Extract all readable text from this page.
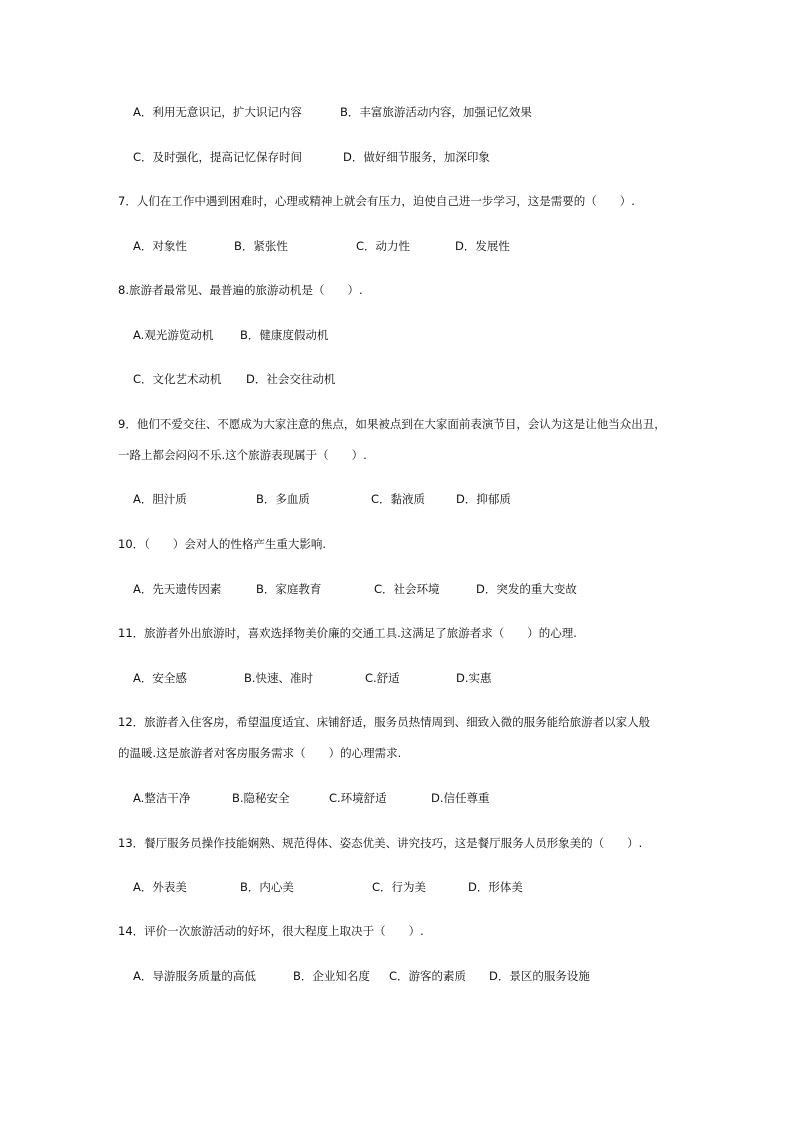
A．利用无意识记，扩大识记内容	B．丰富旅游活动内容，加强记忆效果
C．及时强化，提高记忆保存时间	D．做好细节服务，加深印象
7．人们在工作中遇到困难时，心理或精神上就会有压力，迫使自己进一步学习，这是需要的（　　）.
A．对象性	B．紧张性	C．动力性	D．发展性
8.旅游者最常见、最普遍的旅游动机是（　　）.
A.观光游览动机 B．健康度假动机
C．文化艺术动机 D．社会交往动机
9．他们不爱交往、不愿成为大家注意的焦点，如果被点到在大家面前表演节目，会认为这是让他当众出丑，
一路上都会闷闷不乐.这个旅游表现属于（　　）.
A．胆汁质	B．多血质	C．黏液质	D．抑郁质
10．（　　）会对人的性格产生重大影响.
A．先天遗传因素	B．家庭教育	C．社会环境	D．突发的重大变故
11．旅游者外出旅游时，喜欢选择物美价廉的交通工具.这满足了旅游者求（　　）的心理.
A．安全感	B.快速、准时	C.舒适	D.实惠
12．旅游者入住客房，希望温度适宜、床铺舒适，服务员热情周到、细致入微的服务能给旅游者以家人般
的温暖.这是旅游者对客房服务需求（　　）的心理需求.
A.整洁干净	B.隐秘安全	C.环境舒适	D.信任尊重
13．餐厅服务员操作技能娴熟、规范得体、姿态优美、讲究技巧，这是餐厅服务人员形象美的（　　）.
A．外表美	B．内心美	C．行为美	D．形体美
14．评价一次旅游活动的好坏，很大程度上取决于（　　）.
A．导游服务质量的高低	B．企业知名度 C．游客的素质 D．景区的服务设施
